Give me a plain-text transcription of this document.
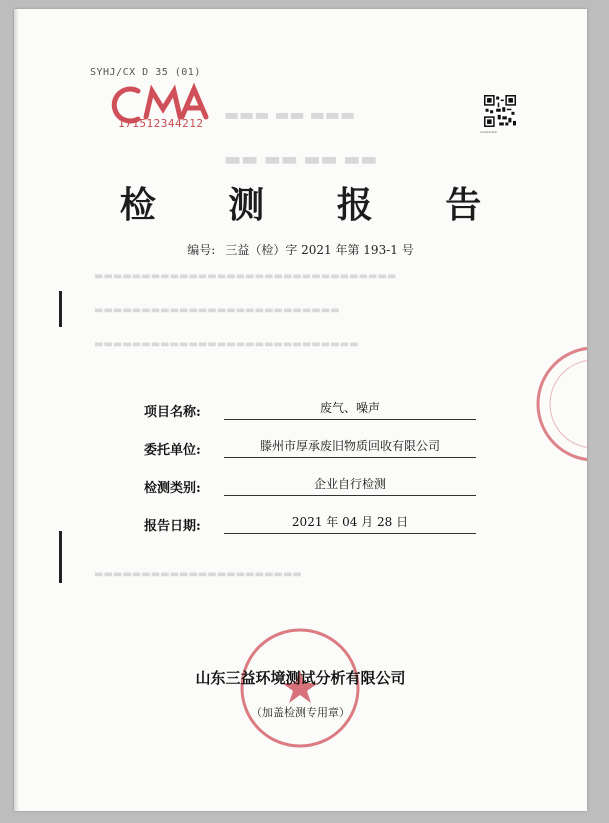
▬▬▬ ▬▬ ▬▬▬
▬▬ ▬▬ ▬▬ ▬▬
▬▬▬▬▬▬▬▬▬▬▬▬▬▬▬▬▬▬▬▬▬▬▬▬▬▬▬▬▬▬▬▬
▬▬▬▬▬▬▬▬▬▬▬▬▬▬▬▬▬▬▬▬▬▬▬▬▬▬
▬▬▬▬▬▬▬▬▬▬▬▬▬▬▬▬▬▬▬▬▬▬▬▬▬▬▬▬
▬▬▬▬▬▬▬▬▬▬▬▬▬▬▬▬▬▬▬▬▬▬
SYHJ/CX D 35 (01)
171512344212
▬▬▬▬▬▬
检 测 报 告
编号: 三益（检）字 2021 年第 193-1 号
项目名称:	废气、噪声
委托单位:	滕州市厚承废旧物质回收有限公司
检测类别:	企业自行检测
报告日期:	2021 年 04 月 28 日
山东三益环境测试分析有限公司
（加盖检测专用章）
